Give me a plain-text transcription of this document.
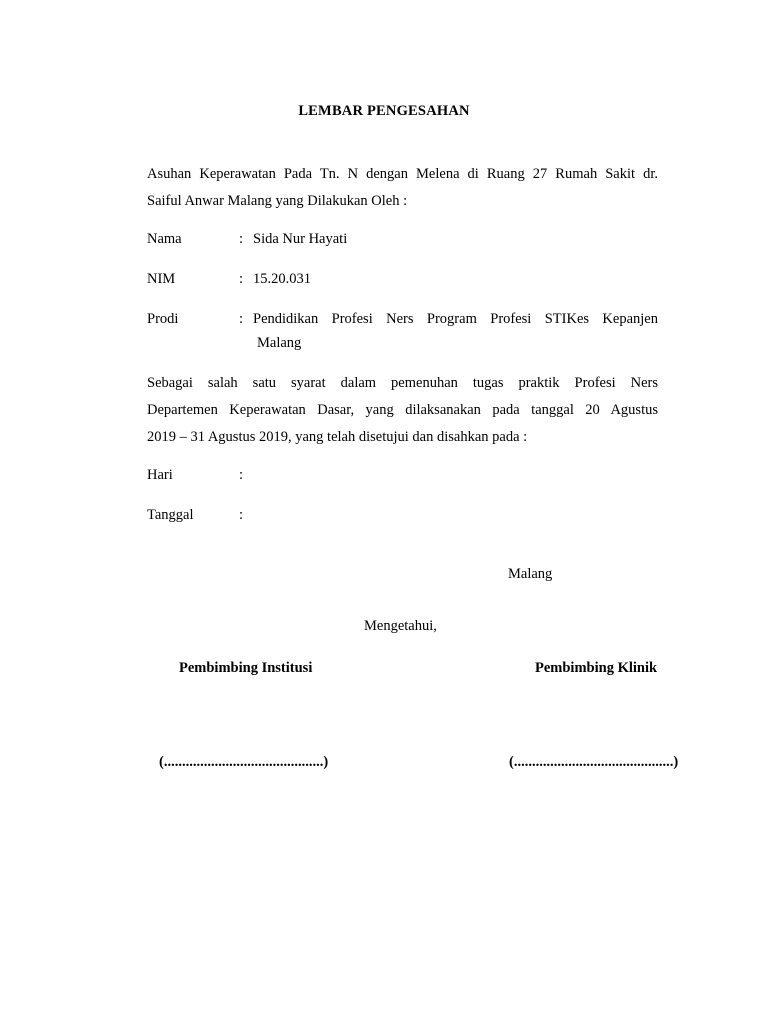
LEMBAR PENGESAHAN
Asuhan Keperawatan Pada Tn. N dengan Melena di Ruang 27 Rumah Sakit dr.
Saiful Anwar Malang yang Dilakukan Oleh :
Nama	: Sida Nur Hayati
NIM	: 15.20.031
Prodi	: Pendidikan Profesi Ners Program Profesi STIKes Kepanjen
Malang
Sebagai salah satu syarat dalam pemenuhan tugas praktik Profesi Ners
Departemen Keperawatan Dasar, yang dilaksanakan pada tanggal 20 Agustus
2019 – 31 Agustus 2019, yang telah disetujui dan disahkan pada :
Hari	:
Tanggal	:
Malang
Mengetahui,
Pembimbing Institusi	Pembimbing Klinik
(............................................)	(............................................)
